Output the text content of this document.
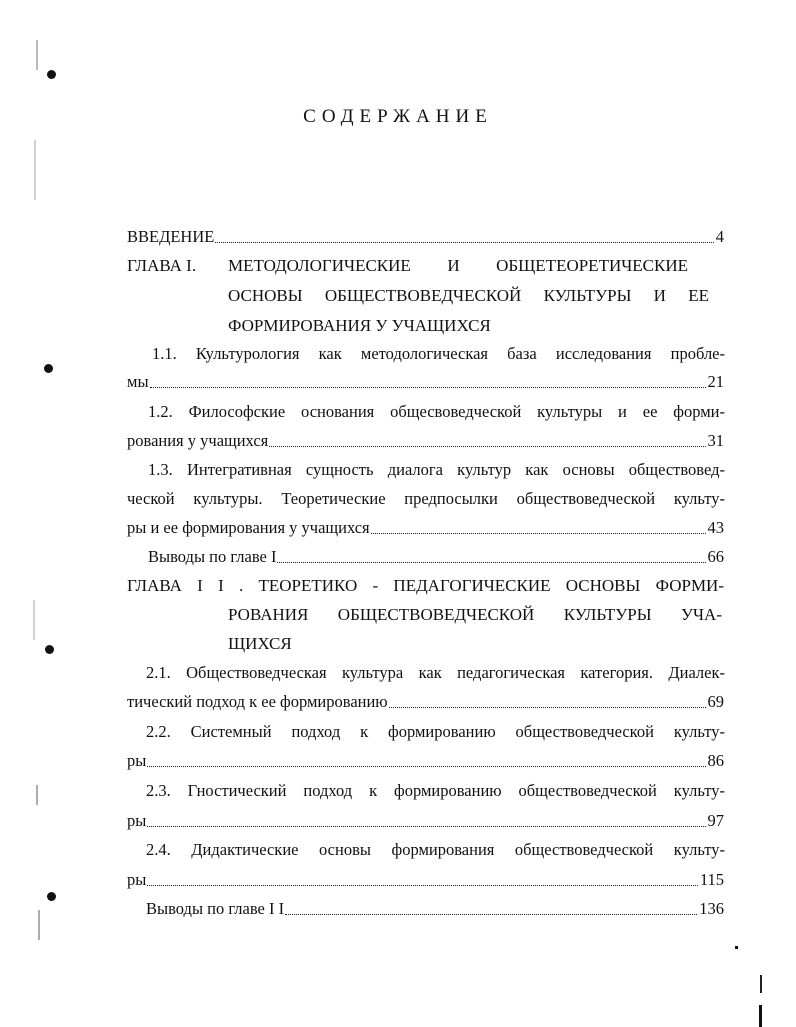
СОДЕРЖАНИЕ
ВВЕДЕНИЕ	4
ГЛАВА I.	МЕТОДОЛОГИЧЕСКИЕ И ОБЩЕТЕОРЕТИЧЕСКИЕ
ОСНОВЫ ОБЩЕСТВОВЕДЧЕСКОЙ КУЛЬТУРЫ И ЕЕ
ФОРМИРОВАНИЯ У УЧАЩИХСЯ
1.1. Культурология как методологическая база исследования пробле-
мы	21
1.2. Философские основания общесвоведческой культуры и ее форми-
рования у учащихся	31
1.3. Интегративная сущность диалога культур как основы обществовед-
ческой культуры. Теоретические предпосылки обществоведческой культу-
ры и ее формирования у учащихся	43
Выводы по главе I	66
ГЛАВА I I . ТЕОРЕТИКО - ПЕДАГОГИЧЕСКИЕ ОСНОВЫ ФОРМИ-
РОВАНИЯ ОБЩЕСТВОВЕДЧЕСКОЙ КУЛЬТУРЫ УЧА-
ЩИХСЯ
2.1. Обществоведческая культура как педагогическая категория. Диалек-
тический подход к ее формированию	69
2.2. Системный подход к формированию обществоведческой культу-
ры	86
2.3. Гностический подход к формированию обществоведческой культу-
ры	97
2.4. Дидактические основы формирования обществоведческой культу-
ры	115
Выводы по главе I I	136
